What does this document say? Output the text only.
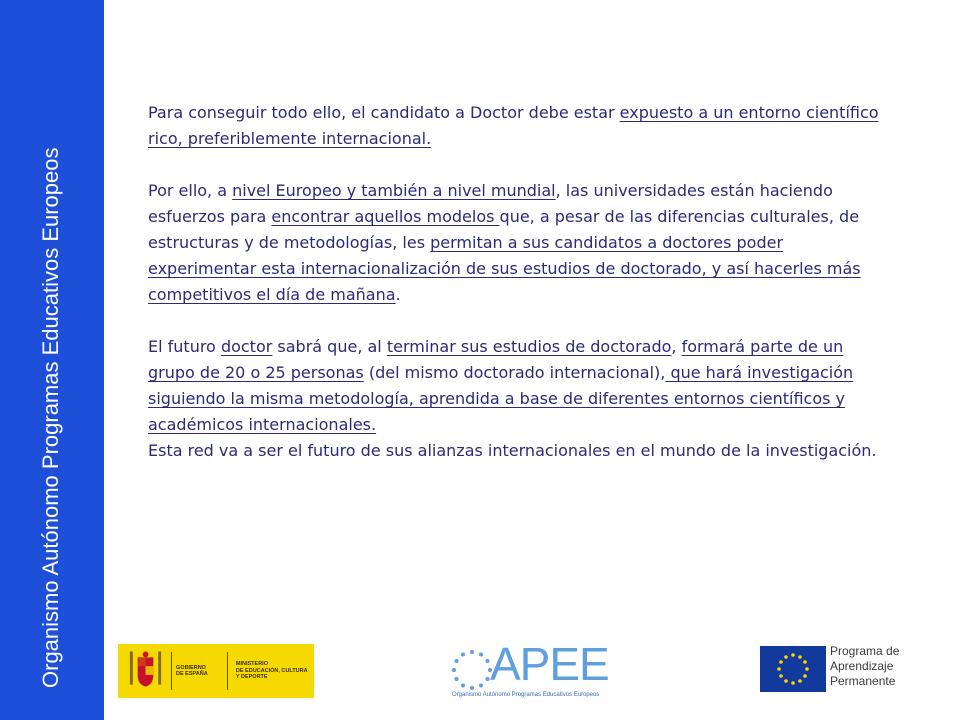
Organismo Autónomo Programas Educativos Europeos

Para conseguir todo ello, el candidato a Doctor debe estar expuesto a un entorno científico rico, preferiblemente internacional.

Por ello, a nivel Europeo y también a nivel mundial, las universidades están haciendo esfuerzos para encontrar aquellos modelos que, a pesar de las diferencias culturales, de estructuras y de metodologías, les permitan a sus candidatos a doctores poder experimentar esta internacionalización de sus estudios de doctorado, y así hacerles más competitivos el día de mañana.

El futuro doctor sabrá que, al terminar sus estudios de doctorado, formará parte de un grupo de 20 o 25 personas (del mismo doctorado internacional), que hará investigación siguiendo la misma metodología, aprendida a base de diferentes entornos científicos y académicos internacionales.

Esta red va a ser el futuro de sus alianzas internacionales en el mundo de la investigación.

GOBIERNO
DE ESPAÑA
MINISTERIO
DE EDUCACIÓN, CULTURA
Y DEPORTE	APEE
Organismo Autónomo Programas Educativos Europeos
Programa de Aprendizaje Permanente
